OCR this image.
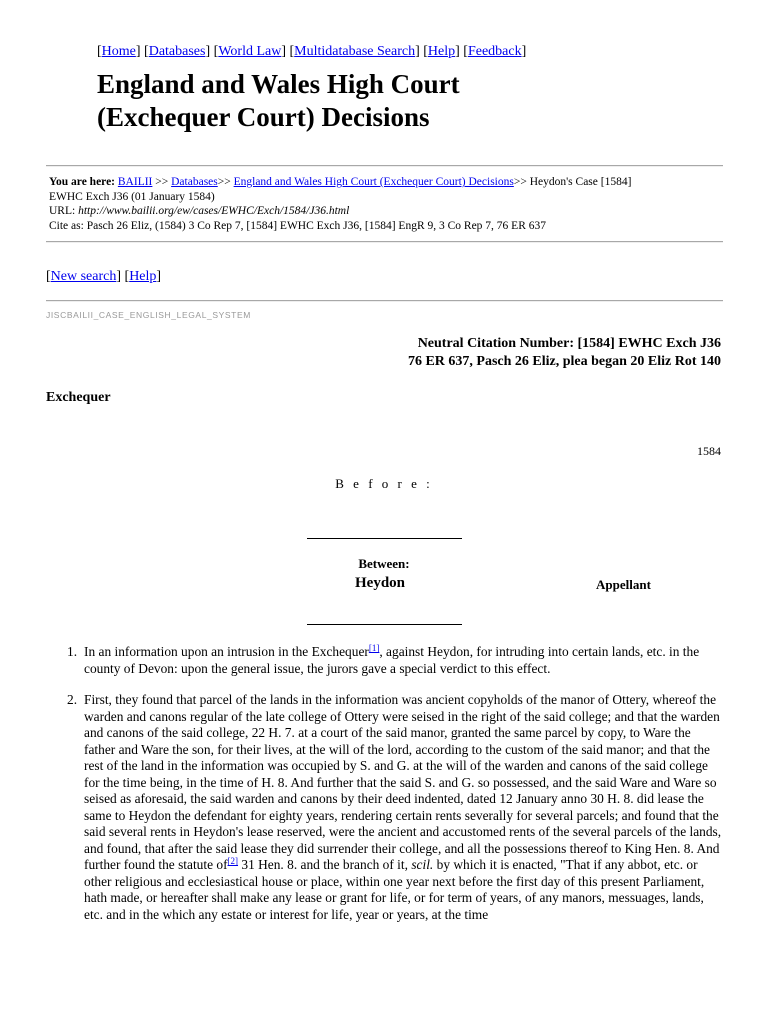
[Home] [Databases] [World Law] [Multidatabase Search] [Help] [Feedback]
England and Wales High Court
(Exchequer Court) Decisions
You are here: BAILII >> Databases>> England and Wales High Court (Exchequer Court) Decisions>> Heydon's Case [1584]
EWHC Exch J36 (01 January 1584)
URL: http://www.bailii.org/ew/cases/EWHC/Exch/1584/J36.html
Cite as: Pasch 26 Eliz, (1584) 3 Co Rep 7, [1584] EWHC Exch J36, [1584] EngR 9, 3 Co Rep 7, 76 ER 637
[New search] [Help]
JISCBAILII_CASE_ENGLISH_LEGAL_SYSTEM
Neutral Citation Number: [1584] EWHC Exch J36
76 ER 637, Pasch 26 Eliz, plea began 20 Eliz Rot 140
Exchequer
1584
B e f o r e :
Between:
Heydon	Appellant
1. In an information upon an intrusion in the Exchequer[1], against Heydon, for intruding into certain lands, etc. in the county of Devon: upon the general issue, the jurors gave a special verdict to this effect.
2. First, they found that parcel of the lands in the information was ancient copyholds of the manor of Ottery, whereof the warden and canons regular of the late college of Ottery were seised in the right of the said college; and that the warden and canons of the said college, 22 H. 7. at a court of the said manor, granted the same parcel by copy, to Ware the father and Ware the son, for their lives, at the will of the lord, according to the custom of the said manor; and that the rest of the land in the information was occupied by S. and G. at the will of the warden and canons of the said college for the time being, in the time of H. 8. And further that the said S. and G. so possessed, and the said Ware and Ware so seised as aforesaid, the said warden and canons by their deed indented, dated 12 January anno 30 H. 8. did lease the same to Heydon the defendant for eighty years, rendering certain rents severally for several parcels; and found that the said several rents in Heydon's lease reserved, were the ancient and accustomed rents of the several parcels of the lands, and found, that after the said lease they did surrender their college, and all the possessions thereof to King Hen. 8. And further found the statute of[2] 31 Hen. 8. and the branch of it, scil. by which it is enacted, "That if any abbot, etc. or other religious and ecclesiastical house or place, within one year next before the first day of this present Parliament, hath made, or hereafter shall make any lease or grant for life, or for term of years, of any manors, messuages, lands, etc. and in the which any estate or interest for life, year or years, at the time
